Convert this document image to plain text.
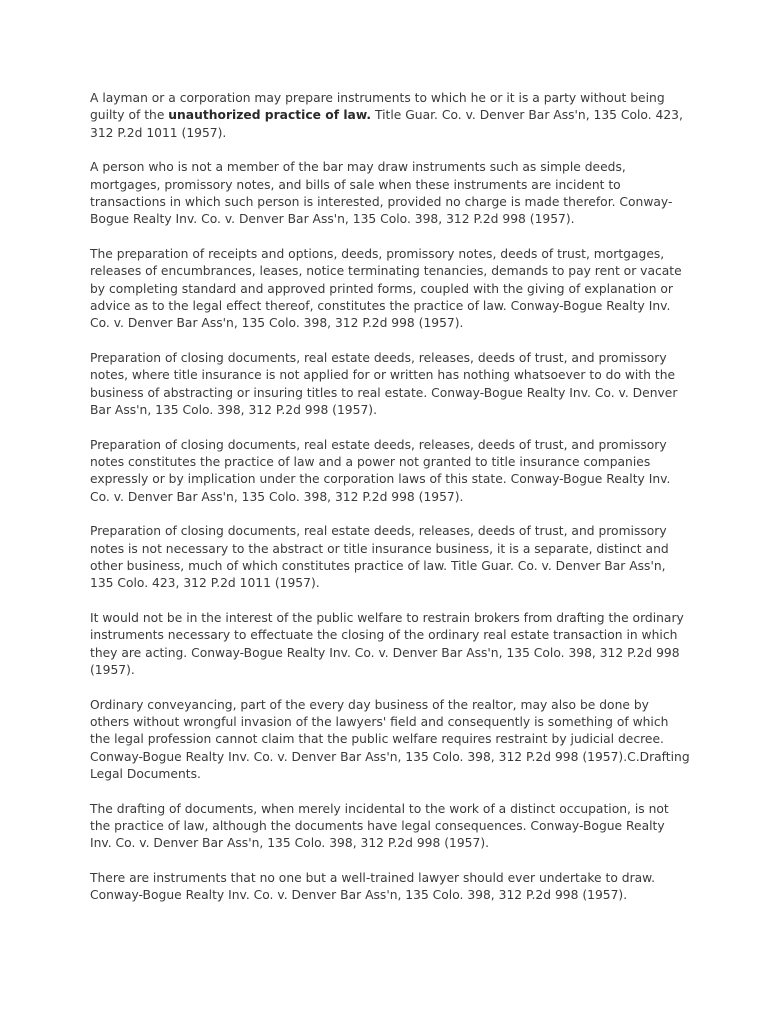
A layman or a corporation may prepare instruments to which he or it is a party without being guilty of the unauthorized practice of law. Title Guar. Co. v. Denver Bar Ass'n, 135 Colo. 423, 312 P.2d 1011 (1957).

A person who is not a member of the bar may draw instruments such as simple deeds, mortgages, promissory notes, and bills of sale when these instruments are incident to transactions in which such person is interested, provided no charge is made therefor. Conway-Bogue Realty Inv. Co. v. Denver Bar Ass'n, 135 Colo. 398, 312 P.2d 998 (1957).

The preparation of receipts and options, deeds, promissory notes, deeds of trust, mortgages, releases of encumbrances, leases, notice terminating tenancies, demands to pay rent or vacate by completing standard and approved printed forms, coupled with the giving of explanation or advice as to the legal effect thereof, constitutes the practice of law. Conway-Bogue Realty Inv. Co. v. Denver Bar Ass'n, 135 Colo. 398, 312 P.2d 998 (1957).

Preparation of closing documents, real estate deeds, releases, deeds of trust, and promissory notes, where title insurance is not applied for or written has nothing whatsoever to do with the business of abstracting or insuring titles to real estate. Conway-Bogue Realty Inv. Co. v. Denver Bar Ass'n, 135 Colo. 398, 312 P.2d 998 (1957).

Preparation of closing documents, real estate deeds, releases, deeds of trust, and promissory notes constitutes the practice of law and a power not granted to title insurance companies expressly or by implication under the corporation laws of this state. Conway-Bogue Realty Inv. Co. v. Denver Bar Ass'n, 135 Colo. 398, 312 P.2d 998 (1957).

Preparation of closing documents, real estate deeds, releases, deeds of trust, and promissory notes is not necessary to the abstract or title insurance business, it is a separate, distinct and other business, much of which constitutes practice of law. Title Guar. Co. v. Denver Bar Ass'n, 135 Colo. 423, 312 P.2d 1011 (1957).

It would not be in the interest of the public welfare to restrain brokers from drafting the ordinary instruments necessary to effectuate the closing of the ordinary real estate transaction in which they are acting. Conway-Bogue Realty Inv. Co. v. Denver Bar Ass'n, 135 Colo. 398, 312 P.2d 998 (1957).

Ordinary conveyancing, part of the every day business of the realtor, may also be done by others without wrongful invasion of the lawyers' field and consequently is something of which the legal profession cannot claim that the public welfare requires restraint by judicial decree. Conway-Bogue Realty Inv. Co. v. Denver Bar Ass'n, 135 Colo. 398, 312 P.2d 998 (1957).C.Drafting Legal Documents.

The drafting of documents, when merely incidental to the work of a distinct occupation, is not the practice of law, although the documents have legal consequences. Conway-Bogue Realty Inv. Co. v. Denver Bar Ass'n, 135 Colo. 398, 312 P.2d 998 (1957).

There are instruments that no one but a well-trained lawyer should ever undertake to draw. Conway-Bogue Realty Inv. Co. v. Denver Bar Ass'n, 135 Colo. 398, 312 P.2d 998 (1957).
